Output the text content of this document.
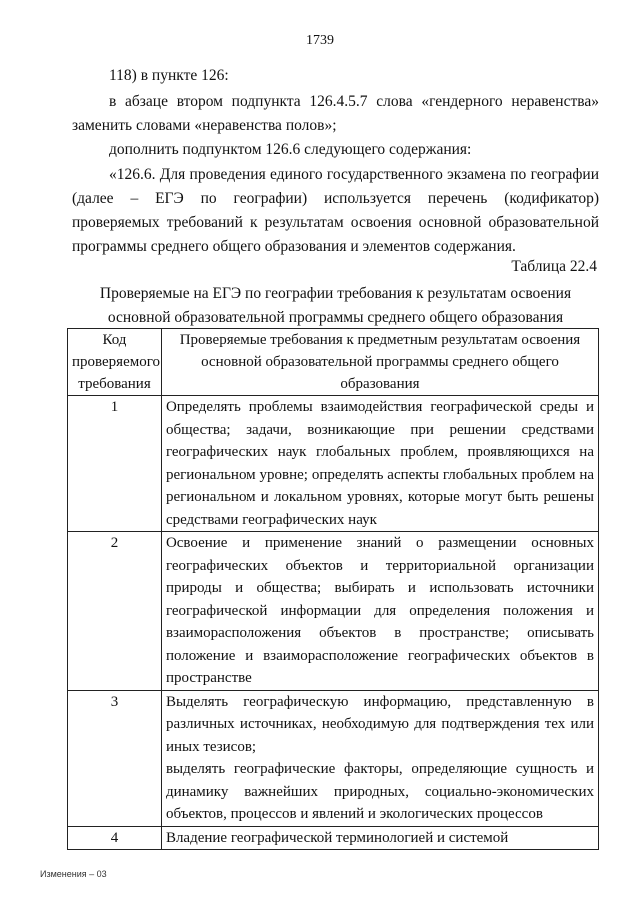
1739

118) в пункте 126:

в абзаце втором подпункта 126.4.5.7 слова «гендерного неравенства» заменить словами «неравенства полов»;

дополнить подпунктом 126.6 следующего содержания:

«126.6. Для проведения единого государственного экзамена по географии (далее – ЕГЭ по географии) используется перечень (кодификатор) проверяемых требований к результатам освоения основной образовательной программы среднего общего образования и элементов содержания.

Таблица 22.4

Проверяемые на ЕГЭ по географии требования к результатам освоения основной образовательной программы среднего общего образования

Код проверяемого требования	Проверяемые требования к предметным результатам освоения основной образовательной программы среднего общего образования
1	Определять проблемы взаимодействия географической среды и общества; задачи, возникающие при решении средствами географических наук глобальных проблем, проявляющихся на региональном уровне; определять аспекты глобальных проблем на региональном и локальном уровнях, которые могут быть решены средствами географических наук

2	Освоение и применение знаний о размещении основных географических объектов и территориальной организации природы и общества; выбирать и использовать источники географической информации для определения положения и взаиморасположения объектов в пространстве; описывать положение и взаиморасположение географических объектов в пространстве

3	Выделять географическую информацию, представленную в различных источниках, необходимую для подтверждения тех или иных тезисов;

выделять географические факторы, определяющие сущность и динамику важнейших природных, социально-экономических объектов, процессов и явлений и экологических процессов

4	Владение географической терминологией и системой

Изменения – 03
